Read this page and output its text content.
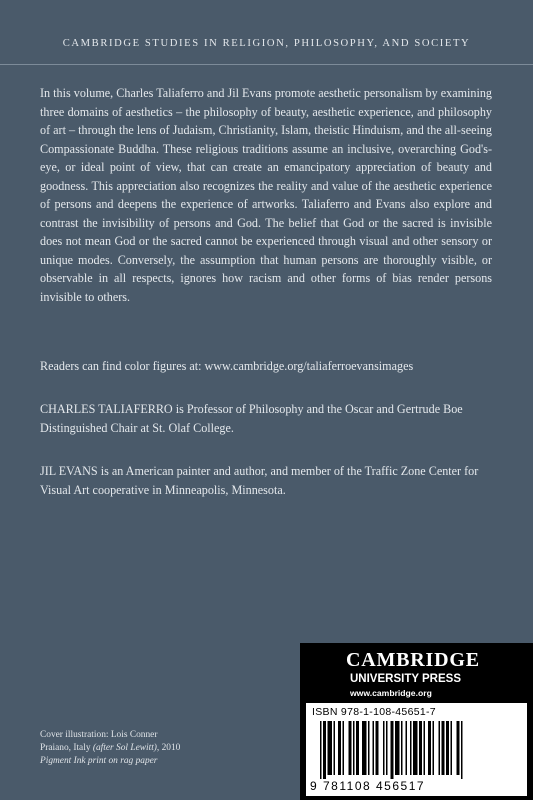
CAMBRIDGE STUDIES IN RELIGION, PHILOSOPHY, AND SOCIETY

In this volume, Charles Taliaferro and Jil Evans promote aesthetic personalism by examining three domains of aesthetics – the philosophy of beauty, aesthetic experience, and philosophy of art – through the lens of Judaism, Christianity, Islam, theistic Hinduism, and the all-seeing Compassionate Buddha. These religious traditions assume an inclusive, overarching God's-eye, or ideal point of view, that can create an emancipatory appreciation of beauty and goodness. This appreciation also recognizes the reality and value of the aesthetic experience of persons and deepens the experience of artworks. Taliaferro and Evans also explore and contrast the invisibility of persons and God. The belief that God or the sacred is invisible does not mean God or the sacred cannot be experienced through visual and other sensory or unique modes. Conversely, the assumption that human persons are thoroughly visible, or observable in all respects, ignores how racism and other forms of bias render persons invisible to others.

Readers can find color figures at: www.cambridge.org/taliaferroevansimages
CHARLES TALIAFERRO is Professor of Philosophy and the Oscar and Gertrude Boe Distinguished Chair at St. Olaf College.
JIL EVANS is an American painter and author, and member of the Traffic Zone Center for Visual Art cooperative in Minneapolis, Minnesota.
Cover illustration: Lois Conner
Praiano, Italy (after Sol Lewitt), 2010
Pigment Ink print on rag paper
CAMBRIDGE
UNIVERSITY PRESS
www.cambridge.org
ISBN 978-1-108-45651-7
9 781108 456517
